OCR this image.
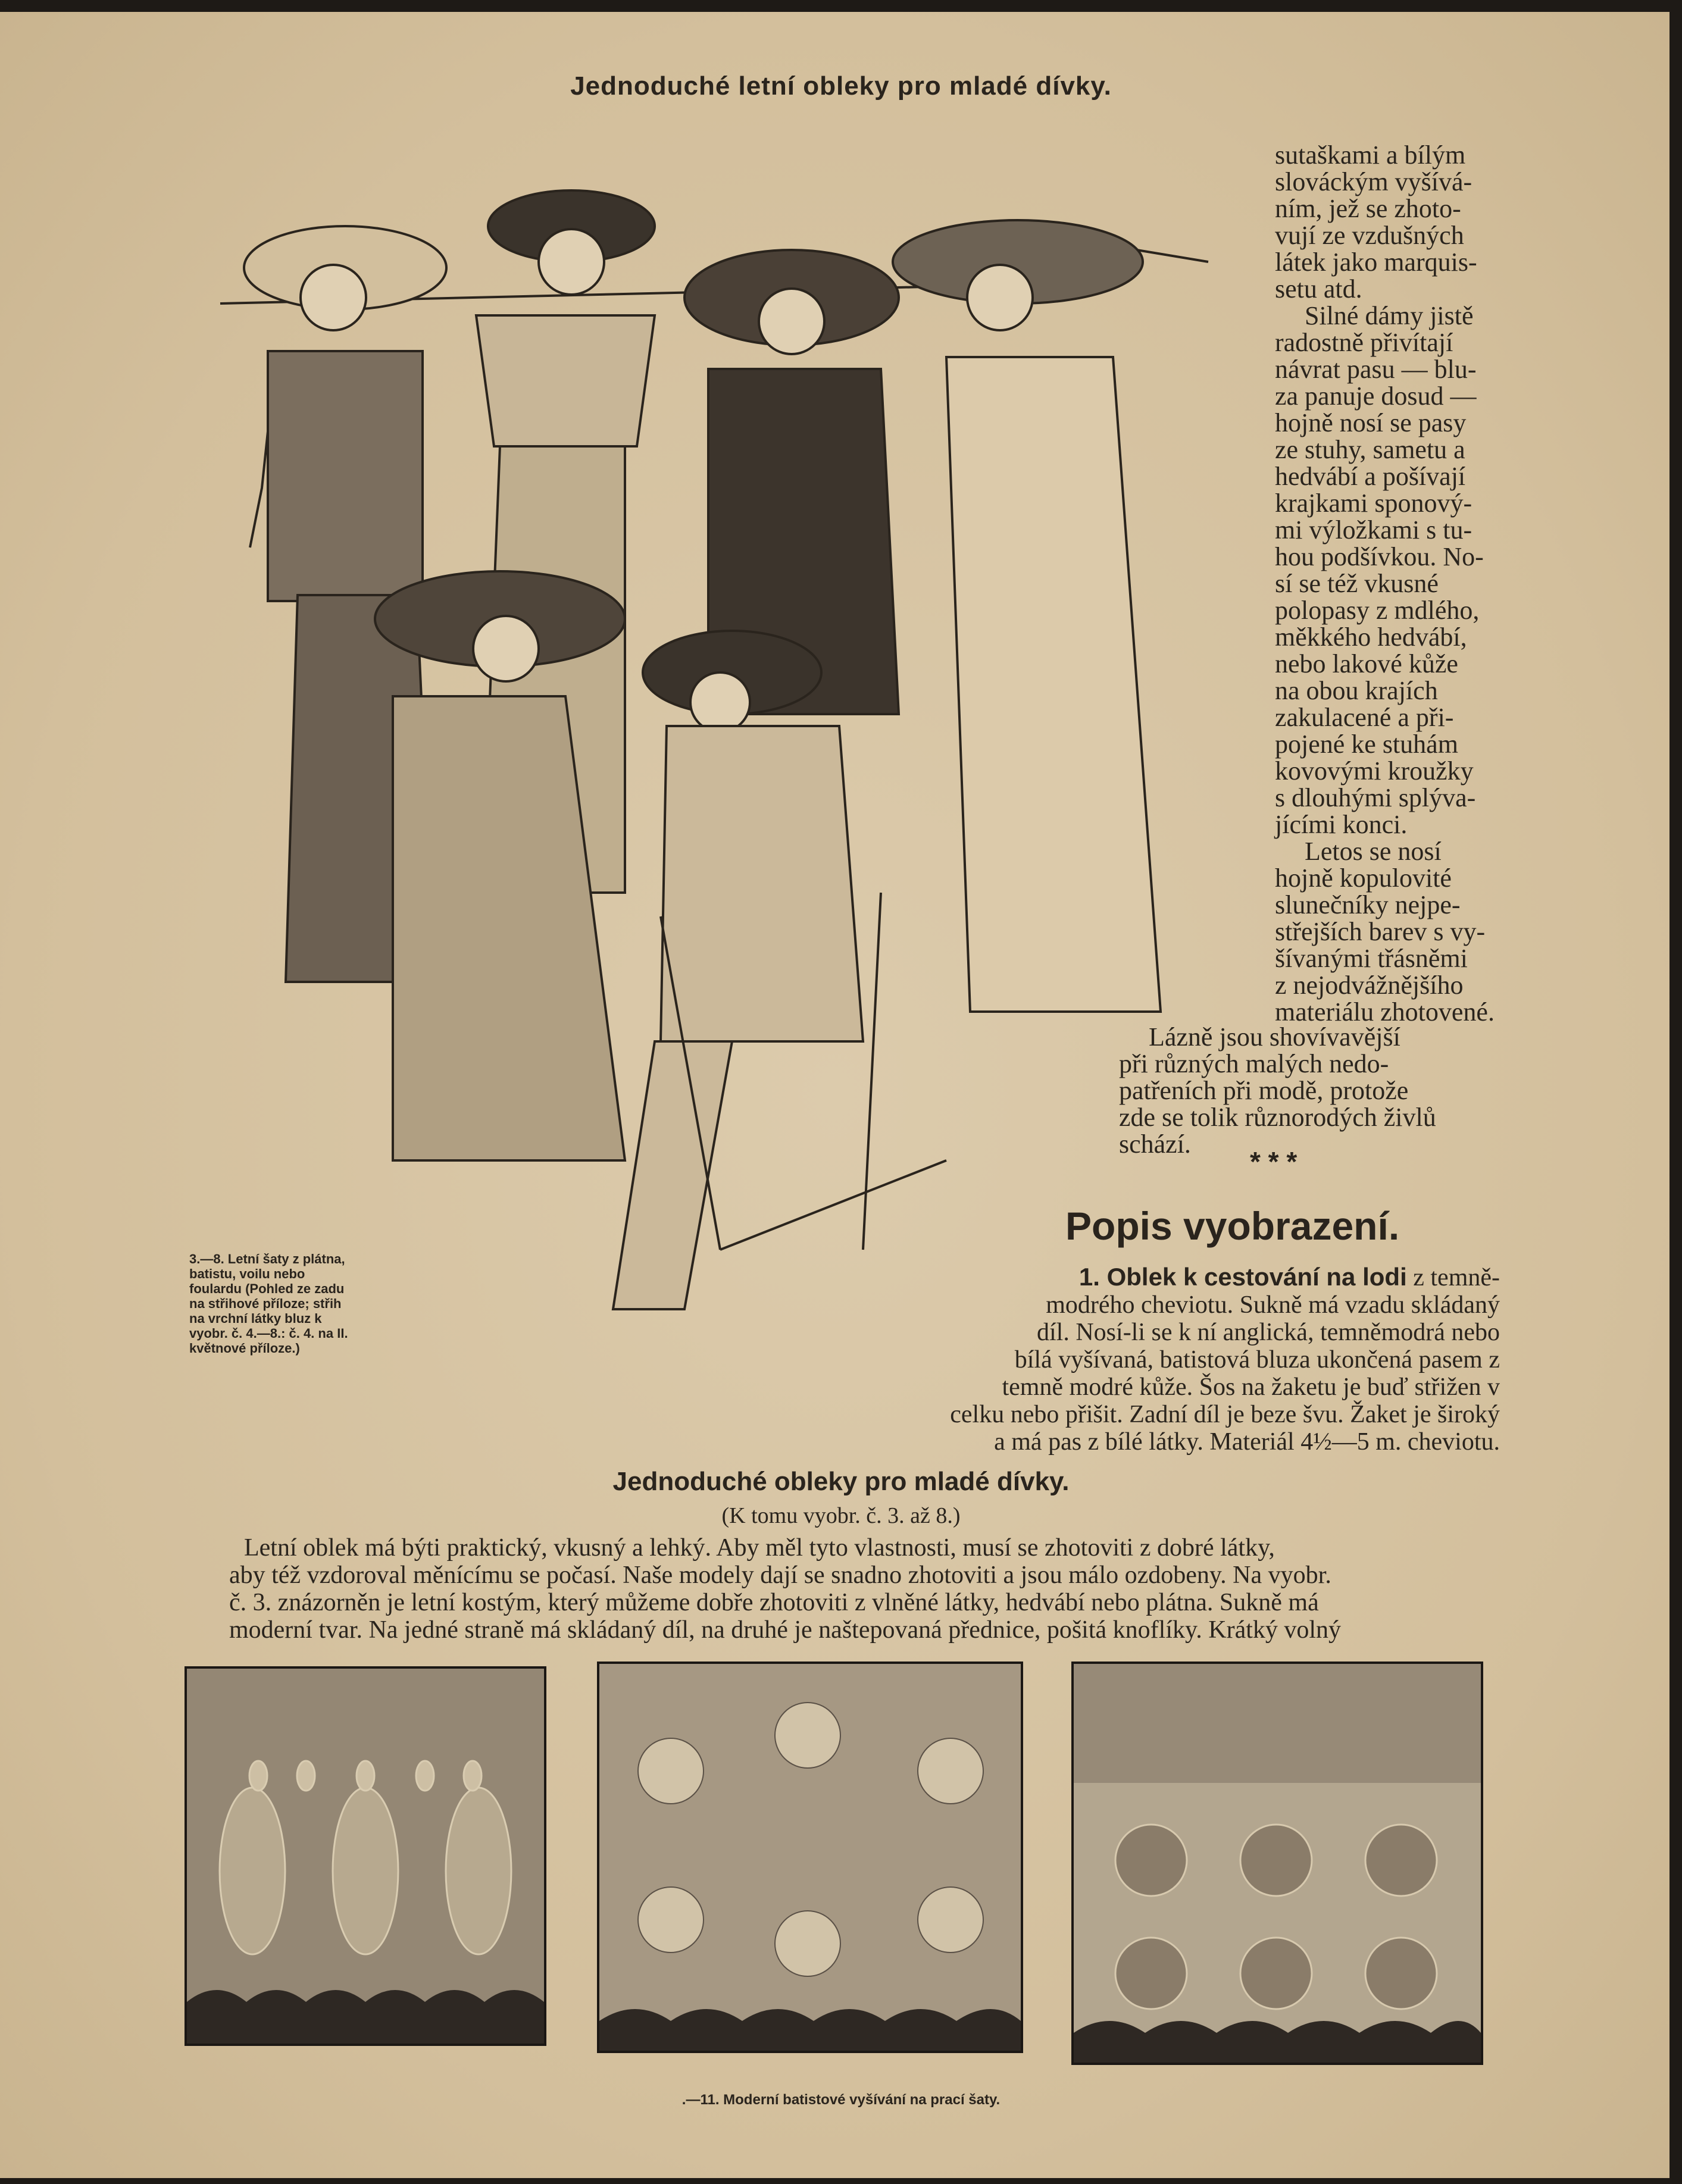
Jednoduché letní obleky pro mladé dívky.

sutaškami a bílým

slováckým vyšívá-

ním, jež se zhoto-

vují ze vzdušných

látek jako marquis-

setu atd.

Silné dámy jistě

radostně přivítají

návrat pasu — blu-

za panuje dosud —

hojně nosí se pasy

ze stuhy, sametu a

hedvábí a pošívají

krajkami sponový-

mi výložkami s tu-

hou podšívkou. No-

sí se též vkusné

polopasy z mdlého,

měkkého hedvábí,

nebo lakové kůže

na obou krajích

zakulacené a při-

pojené ke stuhám

kovovými kroužky

s dlouhými splýva-

jícími konci.

Letos se nosí

hojně kopulovité

slunečníky nejpe-

střejších barev s vy-

šívanými třásněmi

z nejodvážnějšího

materiálu zhotovené.

Lázně jsou shovívavější

při různých malých nedo-

patřeních při modě, protože

zde se tolik různorodých živlů

schází.

* * *
3.—8. Letní šaty z plátna, batistu, voilu nebo foulardu (Pohled ze zadu na střihové příloze; střih na vrchní látky bluz k vyobr. č. 4.—8.: č. 4. na II. květnové příloze.)
Popis vyobrazení.

1. Oblek k cestování na lodi z temně-

modrého cheviotu. Sukně má vzadu skládaný

díl. Nosí-li se k ní anglická, temněmodrá nebo

bílá vyšívaná, batistová bluza ukončená pasem z

temně modré kůže. Šos na žaketu je buď střižen v

celku nebo přišit. Zadní díl je beze švu. Žaket je široký

a má pas z bílé látky. Materiál 4½—5 m. cheviotu.

Jednoduché obleky pro mladé dívky.
(K tomu vyobr. č. 3. až 8.)

Letní oblek má býti praktický, vkusný a lehký. Aby měl tyto vlastnosti, musí se zhotoviti z dobré látky,

aby též vzdoroval měnícímu se počasí. Naše modely dají se snadno zhotoviti a jsou málo ozdobeny. Na vyobr.

č. 3. znázorněn je letní kostým, který můžeme dobře zhotoviti z vlněné látky, hedvábí nebo plátna. Sukně má

moderní tvar. Na jedné straně má skládaný díl, na druhé je naštepovaná přednice, pošitá knoflíky. Krátký volný

.—11. Moderní batistové vyšívání na prací šaty.
